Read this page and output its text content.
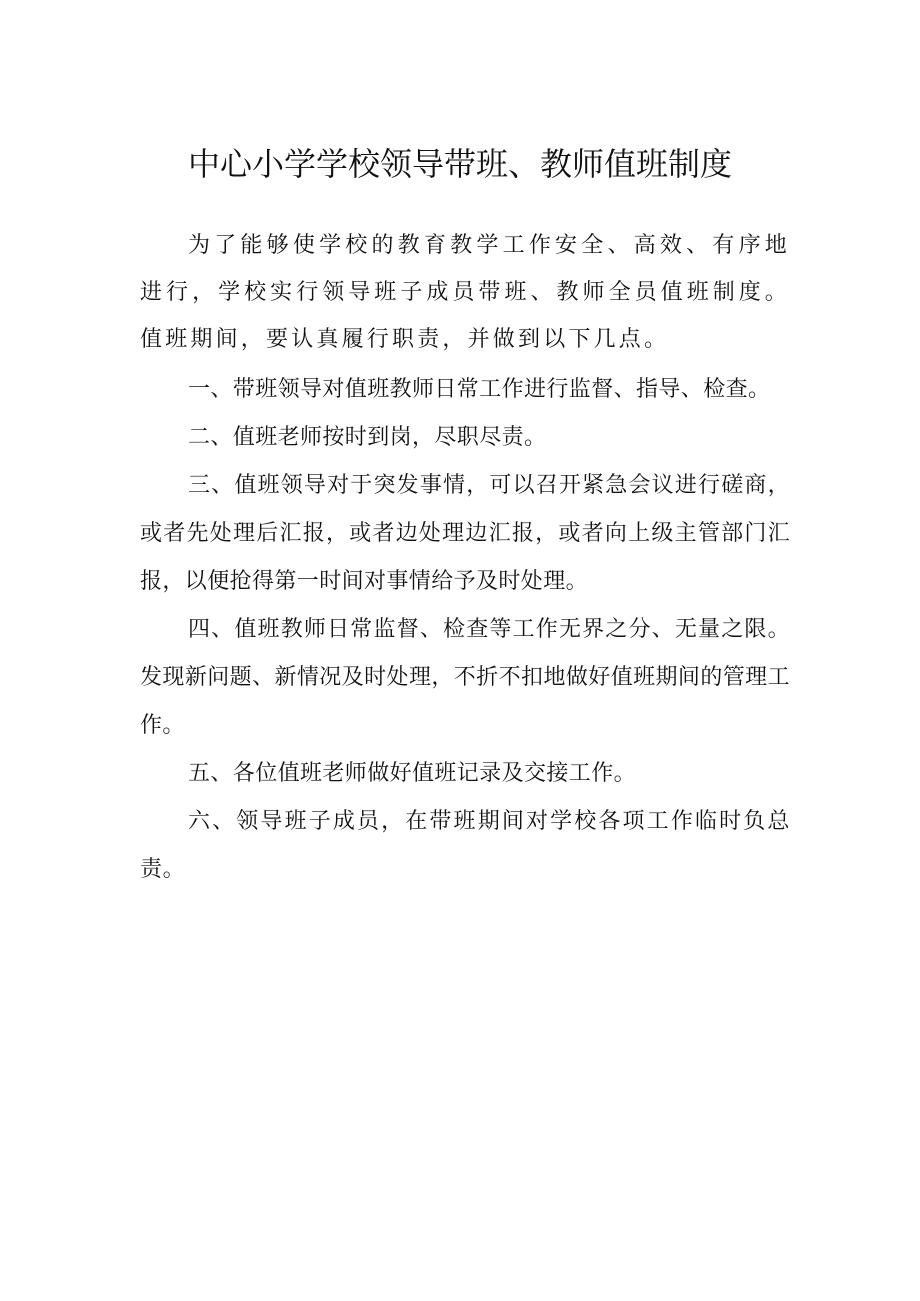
中心小学学校领导带班、教师值班制度

为了能够使学校的教育教学工作安全、高效、有序地进行，学校实行领导班子成员带班、教师全员值班制度。值班期间，要认真履行职责，并做到以下几点。

一、带班领导对值班教师日常工作进行监督、指导、检查。

二、值班老师按时到岗，尽职尽责。

三、值班领导对于突发事情，可以召开紧急会议进行磋商，或者先处理后汇报，或者边处理边汇报，或者向上级主管部门汇报，以便抢得第一时间对事情给予及时处理。

四、值班教师日常监督、检查等工作无界之分、无量之限。发现新问题、新情况及时处理，不折不扣地做好值班期间的管理工作。

五、各位值班老师做好值班记录及交接工作。

六、领导班子成员，在带班期间对学校各项工作临时负总责。
